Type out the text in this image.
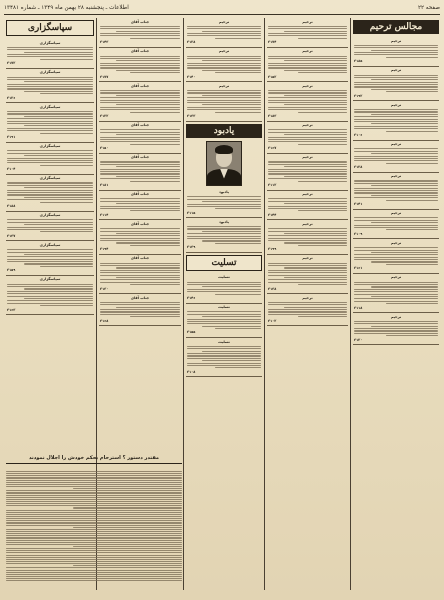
صفحه ۲۲
اطلاعات ـ پنجشنبه ۲۸ بهمن ماه ۱۳۴۹ ـ شماره ۱۳۴۸۱
مجالس ترحیم
ترحیم
۳۱۸۵
ترحیم
۳۱۹۲
ترحیم
۳۱۰۶
ترحیم
۳۱۲۸
ترحیم
۳۱۴۱
ترحیم
۳۱۰۹
ترحیم
۳۱۶۱
ترحیم
۳۱۱۸
ترحیم
۳۱۲۰
ترحیم
۳۱۷۴
ترحیم
۳۱۵۲
ترحیم
۳۱۸۳
ترحیم
۳۱۶۷
ترحیم
۳۱۱۲
ترحیم
۳۱۴۴
ترحیم
۳۱۹۹
ترحیم
۳۱۳۸
ترحیم
۳۱۰۲
ترحیم
۳۱۲۸
ترحیم
۳۱۴۰
ترحیم
۳۱۳۳
یادبود
یادبود
۳۱۱۵
یادبود
۳۱۳۹
تسلیت
تسلیت
۳۱۴۶
تسلیت
۳۱۵۵
تسلیت
۳۱۰۸
جناب آقای
۳۱۴۳
جناب آقای
۳۱۷۷
جناب آقای
۳۱۲۲
جناب آقای
۳۱۵۰
جناب آقای
۳۱۸۱
جناب آقای
۳۱۱۴
جناب آقای
۳۱۹۴
جناب آقای
۳۱۳۰
جناب آقای
۳۱۶۸
سپاسگزاری
سپاسگزاری
۳۱۷۲
سپاسگزاری
۳۱۲۶
سپاسگزاری
۳۱۹۱
سپاسگزاری
۳۱۰۴
سپاسگزاری
۳۱۸۸
سپاسگزاری
۳۱۳۷
سپاسگزاری
۳۱۵۹
سپاسگزاری
۳۱۶۳
مقتدر دستور ؟ استرحام بحکم خودش را اجلال نمودند
